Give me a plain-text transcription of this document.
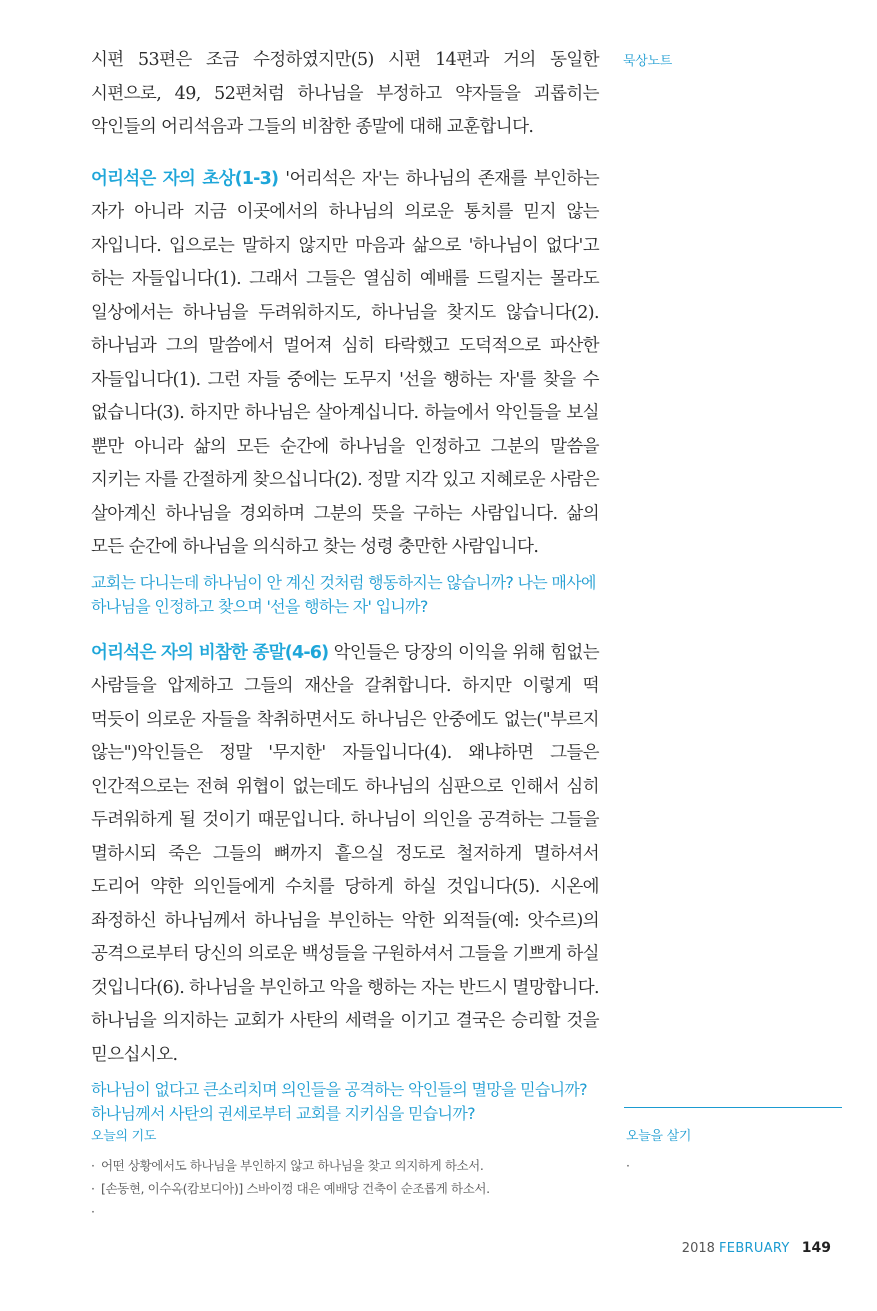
묵상노트

시편 53편은 조금 수정하였지만(5) 시편 14편과 거의 동일한 시편으로, 49, 52편처럼 하나님을 부정하고 약자들을 괴롭히는 악인들의 어리석음과 그들의 비참한 종말에 대해 교훈합니다.

어리석은 자의 초상(1-3) '어리석은 자'는 하나님의 존재를 부인하는 자가 아니라 지금 이곳에서의 하나님의 의로운 통치를 믿지 않는 자입니다. 입으로는 말하지 않지만 마음과 삶으로 '하나님이 없다'고 하는 자들입니다(1). 그래서 그들은 열심히 예배를 드릴지는 몰라도 일상에서는 하나님을 두려워하지도, 하나님을 찾지도 않습니다(2). 하나님과 그의 말씀에서 멀어져 심히 타락했고 도덕적으로 파산한 자들입니다(1). 그런 자들 중에는 도무지 '선을 행하는 자'를 찾을 수 없습니다(3). 하지만 하나님은 살아계십니다. 하늘에서 악인들을 보실 뿐만 아니라 삶의 모든 순간에 하나님을 인정하고 그분의 말씀을 지키는 자를 간절하게 찾으십니다(2). 정말 지각 있고 지혜로운 사람은 살아계신 하나님을 경외하며 그분의 뜻을 구하는 사람입니다. 삶의 모든 순간에 하나님을 의식하고 찾는 성령 충만한 사람입니다.

교회는 다니는데 하나님이 안 계신 것처럼 행동하지는 않습니까? 나는 매사에 하나님을 인정하고 찾으며 '선을 행하는 자' 입니까?

어리석은 자의 비참한 종말(4-6) 악인들은 당장의 이익을 위해 힘없는 사람들을 압제하고 그들의 재산을 갈취합니다. 하지만 이렇게 떡 먹듯이 의로운 자들을 착취하면서도 하나님은 안중에도 없는("부르지 않는")악인들은 정말 '무지한' 자들입니다(4). 왜냐하면 그들은 인간적으로는 전혀 위협이 없는데도 하나님의 심판으로 인해서 심히 두려워하게 될 것이기 때문입니다. 하나님이 의인을 공격하는 그들을 멸하시되 죽은 그들의 뼈까지 흩으실 정도로 철저하게 멸하셔서 도리어 약한 의인들에게 수치를 당하게 하실 것입니다(5). 시온에 좌정하신 하나님께서 하나님을 부인하는 악한 외적들(예: 앗수르)의 공격으로부터 당신의 의로운 백성들을 구원하셔서 그들을 기쁘게 하실 것입니다(6). 하나님을 부인하고 악을 행하는 자는 반드시 멸망합니다. 하나님을 의지하는 교회가 사탄의 세력을 이기고 결국은 승리할 것을 믿으십시오.

하나님이 없다고 큰소리치며 의인들을 공격하는 악인들의 멸망을 믿습니까? 하나님께서 사탄의 권세로부터 교회를 지키심을 믿습니까?

오늘의 기도
· 어떤 상황에서도 하나님을 부인하지 않고 하나님을 찾고 의지하게 하소서.
· [손동현, 이수옥(캄보디아)] 스바이껑 대은 예배당 건축이 순조롭게 하소서.
·
오늘을 살기
·
2018 FEBRUARY 149
